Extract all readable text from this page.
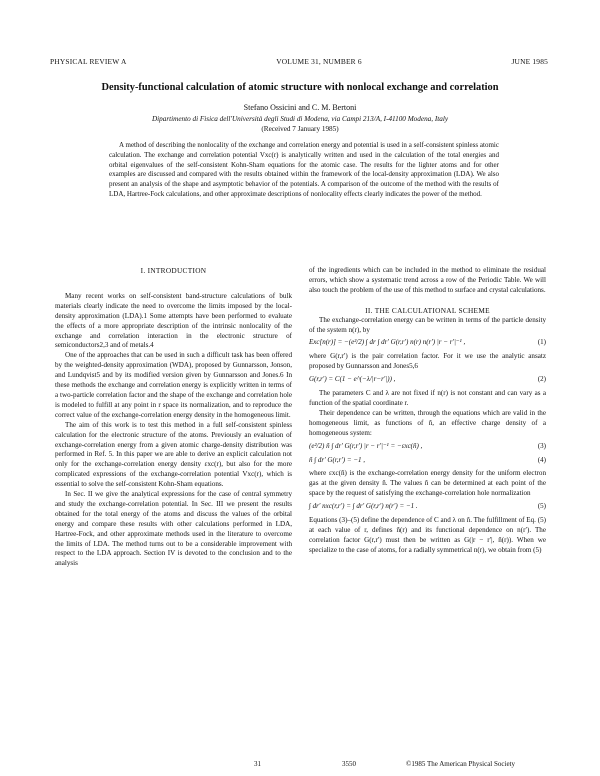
PHYSICAL REVIEW A	VOLUME 31, NUMBER 6	JUNE 1985
Density-functional calculation of atomic structure with nonlocal exchange and correlation
Stefano Ossicini and C. M. Bertoni
Dipartimento di Fisica dell'Università degli Studi di Modena, via Campi 213/A, I-41100 Modena, Italy
(Received 7 January 1985)
A method of describing the nonlocality of the exchange and correlation energy and potential is used in a self-consistent spinless atomic calculation. The exchange and correlation potential Vxc(r) is analytically written and used in the calculation of the total energies and orbital eigenvalues of the self-consistent Kohn-Sham equations for the atomic case. The results for the lighter atoms and for other examples are discussed and compared with the results obtained within the framework of the local-density approximation (LDA). We also present an analysis of the shape and asymptotic behavior of the potentials. A comparison of the outcome of the method with the results of LDA, Hartree-Fock calculations, and other approximate descriptions of nonlocality effects clearly indicates the power of the method.

I. INTRODUCTION

Many recent works on self-consistent band-structure calculations of bulk materials clearly indicate the need to overcome the limits imposed by the local-density approximation (LDA).1 Some attempts have been performed to evaluate the effects of a more appropriate description of the intrinsic nonlocality of the exchange and correlation interaction in the electronic structure of semiconductors2,3 and of metals.4

One of the approaches that can be used in such a difficult task has been offered by the weighted-density approximation (WDA), proposed by Gunnarsson, Jonson, and Lundqvist5 and by its modified version given by Gunnarsson and Jones.6 In these methods the exchange and correlation energy is explicitly written in terms of a two-particle correlation factor and the shape of the exchange and correlation hole is modeled to fulfill at any point in r space its normalization, and to reproduce the correct value of the exchange-correlation energy density in the homogeneous limit.

The aim of this work is to test this method in a full self-consistent spinless calculation for the electronic structure of the atoms. Previously an evaluation of exchange-correlation energy from a given atomic charge-density distribution was performed in Ref. 5. In this paper we are able to derive an explicit calculation not only for the exchange-correlation energy density εxc(r), but also for the more complicated expressions of the exchange-correlation potential Vxc(r), which is essential to solve the self-consistent Kohn-Sham equations.

In Sec. II we give the analytical expressions for the case of central symmetry and study the exchange-correlation potential. In Sec. III we present the results obtained for the total energy of the atoms and discuss the values of the orbital energy and compare these results with other calculations performed in LDA, Hartree-Fock, and other approximate methods used in the literature to overcome the limits of LDA. The method turns out to be a considerable improvement with respect to the LDA approach. Section IV is devoted to the conclusion and to the analysis

of the ingredients which can be included in the method to eliminate the residual errors, which show a systematic trend across a row of the Periodic Table. We will also touch the problem of the use of this method to surface and crystal calculations.

II. THE CALCULATIONAL SCHEME

The exchange-correlation energy can be written in terms of the particle density of the system n(r), by

Exc[n(r)] = −(e²/2) ∫ dr ∫ dr′ G(r,r′) n(r) n(r′) |r − r′|⁻¹ ,	(1)

where G(r,r′) is the pair correlation factor. For it we use the analytic ansatz proposed by Gunnarsson and Jones5,6

G(r,r′) = C(1 − e^(−λ/|r−r′|)) ,	(2)

The parameters C and λ are not fixed if n(r) is not constant and can vary as a function of the spatial coordinate r.

Their dependence can be written, through the equations which are valid in the homogeneous limit, as functions of ñ, an effective charge density of a homogeneous system:

(e²/2) ñ ∫ dr′ G(r,r′) |r − r′|⁻¹ = −εxc(ñ) ,	(3)
ñ ∫ dr′ G(r,r′) = −1 ,	(4)

where εxc(ñ) is the exchange-correlation energy density for the uniform electron gas at the given density ñ. The values ñ can be determined at each point of the space by the request of satisfying the exchange-correlation hole normalization

∫ dr′ nxc(r,r′) = ∫ dr′ G(r,r′) n(r′) = −1 .	(5)

Equations (3)–(5) define the dependence of C and λ on ñ. The fulfillment of Eq. (5) at each value of r, defines ñ(r) and its functional dependence on n(r′). The correlation factor G(r,r′) must then be written as G(|r − r′|, ñ(r)). When we specialize to the case of atoms, for a radially symmetrical n(r), we obtain from (5)

31	3550	©1985 The American Physical Society
